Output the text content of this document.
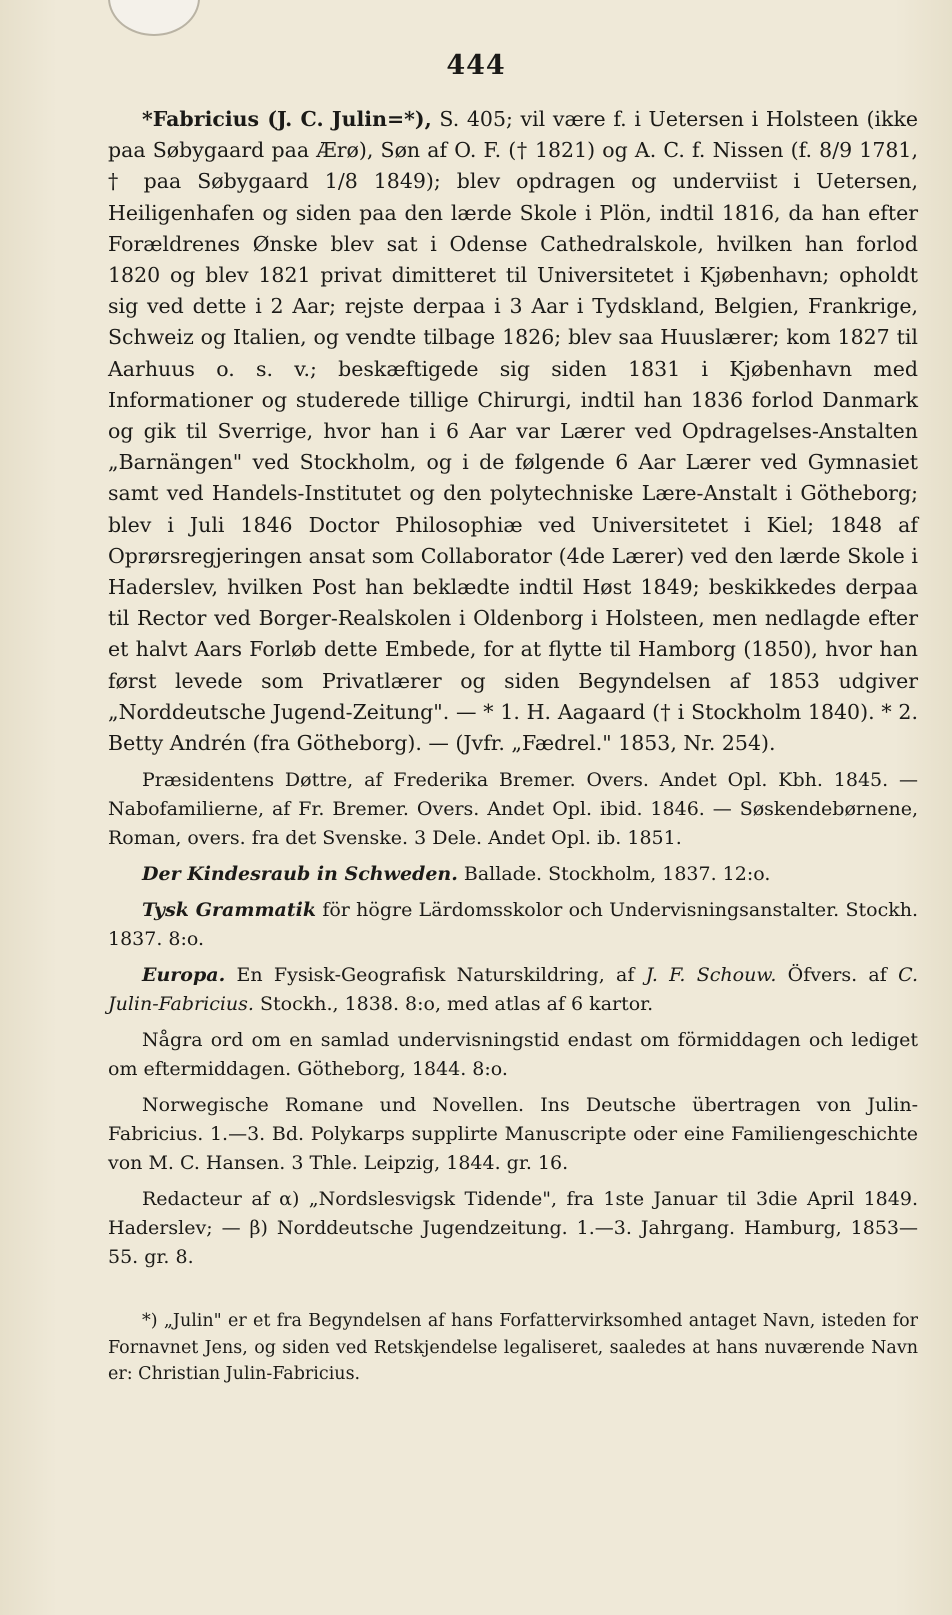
444

*Fabricius (J. C. Julin=*), S. 405; vil være f. i Uetersen i Holsteen (ikke paa Søbygaard paa Ærø), Søn af O. F. († 1821) og A. C. f. Nissen (f. 8/9 1781, † paa Søbygaard 1/8 1849); blev opdragen og underviist i Uetersen, Heiligenhafen og siden paa den lærde Skole i Plön, indtil 1816, da han efter Forældrenes Ønske blev sat i Odense Cathedralskole, hvilken han forlod 1820 og blev 1821 privat dimitteret til Universitetet i Kjøbenhavn; opholdt sig ved dette i 2 Aar; rejste derpaa i 3 Aar i Tydskland, Belgien, Frankrige, Schweiz og Italien, og vendte tilbage 1826; blev saa Huuslærer; kom 1827 til Aarhuus o. s. v.; beskæftigede sig siden 1831 i Kjøbenhavn med Informationer og studerede tillige Chirurgi, indtil han 1836 forlod Danmark og gik til Sverrige, hvor han i 6 Aar var Lærer ved Opdragelses-Anstalten „Barnängen" ved Stockholm, og i de følgende 6 Aar Lærer ved Gymnasiet samt ved Handels-Institutet og den polytechniske Lære-Anstalt i Götheborg; blev i Juli 1846 Doctor Philosophiæ ved Universitetet i Kiel; 1848 af Oprørsregjeringen ansat som Collaborator (4de Lærer) ved den lærde Skole i Haderslev, hvilken Post han beklædte indtil Høst 1849; beskikkedes derpaa til Rector ved Borger-Realskolen i Oldenborg i Holsteen, men nedlagde efter et halvt Aars Forløb dette Embede, for at flytte til Hamborg (1850), hvor han først levede som Privatlærer og siden Begyndelsen af 1853 udgiver „Norddeutsche Jugend-Zeitung". — * 1. H. Aagaard († i Stockholm 1840). * 2. Betty Andrén (fra Götheborg). — (Jvfr. „Fædrel." 1853, Nr. 254).

Præsidentens Døttre, af Frederika Bremer. Overs. Andet Opl. Kbh. 1845. — Nabofamilierne, af Fr. Bremer. Overs. Andet Opl. ibid. 1846. — Søskendebørnene, Roman, overs. fra det Svenske. 3 Dele. Andet Opl. ib. 1851.

Der Kindesraub in Schweden. Ballade. Stockholm, 1837. 12:o.

Tysk Grammatik för högre Lärdomsskolor och Undervisningsanstalter. Stockh. 1837. 8:o.

Europa. En Fysisk-Geografisk Naturskildring, af J. F. Schouw. Öfvers. af C. Julin-Fabricius. Stockh., 1838. 8:o, med atlas af 6 kartor.

Några ord om en samlad undervisningstid endast om förmiddagen och lediget om eftermiddagen. Götheborg, 1844. 8:o.

Norwegische Romane und Novellen. Ins Deutsche übertragen von Julin-Fabricius. 1.—3. Bd. Polykarps supplirte Manuscripte oder eine Familiengeschichte von M. C. Hansen. 3 Thle. Leipzig, 1844. gr. 16.

Redacteur af α) „Nordslesvigsk Tidende", fra 1ste Januar til 3die April 1849. Haderslev; — β) Norddeutsche Jugendzeitung. 1.—3. Jahrgang. Hamburg, 1853—55. gr. 8.

*) „Julin" er et fra Begyndelsen af hans Forfattervirksomhed antaget Navn, isteden for Fornavnet Jens, og siden ved Retskjendelse legaliseret, saaledes at hans nuværende Navn er: Christian Julin-Fabricius.
